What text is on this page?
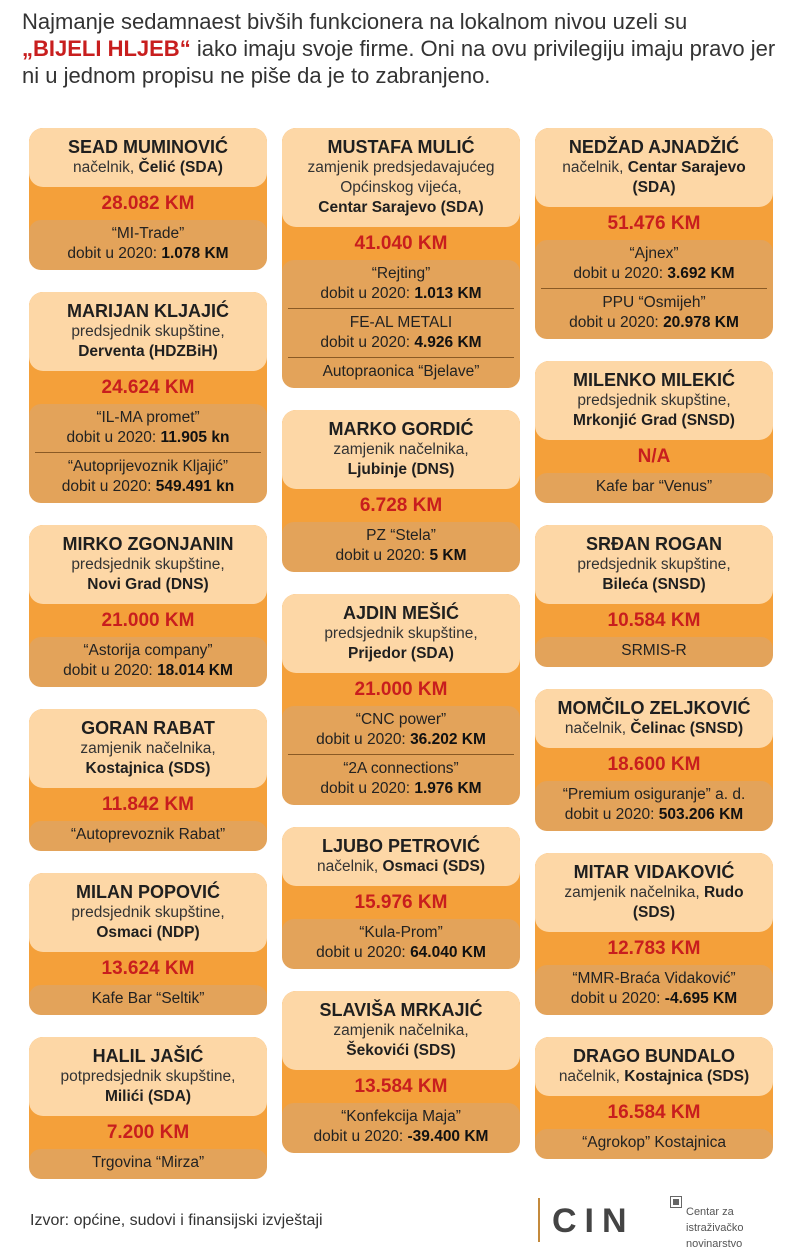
Najmanje sedamnaest bivših funkcionera na lokalnom nivou uzeli su
„BIJELI HLJEB“ iako imaju svoje firme. Oni na ovu privilegiju imaju pravo jer ni u jednom propisu ne piše da je to zabranjeno.
SEAD MUMINOVIĆ
načelnik, Čelić (SDA)
28.082 KM
“MI-Trade”
dobit u 2020: 1.078 KM
MARIJAN KLJAJIĆ
predsjednik skupštine,
Derventa (HDZBiH)
24.624 KM
“IL-MA promet”
dobit u 2020: 11.905 kn
“Autoprijevoznik Kljajić”
dobit u 2020: 549.491 kn
MIRKO ZGONJANIN
predsjednik skupštine,
Novi Grad (DNS)
21.000 KM
“Astorija company”
dobit u 2020: 18.014 KM
GORAN RABAT
zamjenik načelnika,
Kostajnica (SDS)
11.842 KM
“Autoprevoznik Rabat”
MILAN POPOVIĆ
predsjednik skupštine,
Osmaci (NDP)
13.624 KM
Kafe Bar “Seltik”
HALIL JAŠIĆ
potpredsjednik skupštine,
Milići (SDA)
7.200 KM
Trgovina “Mirza”
MUSTAFA MULIĆ
zamjenik predsjedavajućeg Općinskog vijeća,
Centar Sarajevo (SDA)
41.040 KM
“Rejting”
dobit u 2020: 1.013 KM
FE-AL METALI
dobit u 2020: 4.926 KM
Autopraonica “Bjelave”
MARKO GORDIĆ
zamjenik načelnika,
Ljubinje (DNS)
6.728 KM
PZ “Stela”
dobit u 2020: 5 KM
AJDIN MEŠIĆ
predsjednik skupštine,
Prijedor (SDA)
21.000 KM
“CNC power”
dobit u 2020: 36.202 KM
“2A connections”
dobit u 2020: 1.976 KM
LJUBO PETROVIĆ
načelnik, Osmaci (SDS)
15.976 KM
“Kula-Prom”
dobit u 2020: 64.040 KM
SLAVIŠA MRKAJIĆ
zamjenik načelnika,
Šekovići (SDS)
13.584 KM
“Konfekcija Maja”
dobit u 2020: -39.400 KM
NEDŽAD AJNADŽIĆ
načelnik, Centar Sarajevo
(SDA)
51.476 KM
“Ajnex”
dobit u 2020: 3.692 KM
PPU “Osmijeh”
dobit u 2020: 20.978 KM
MILENKO MILEKIĆ
predsjednik skupštine,
Mrkonjić Grad (SNSD)
N/A
Kafe bar “Venus”
SRĐAN ROGAN
predsjednik skupštine,
Bileća (SNSD)
10.584 KM
SRMIS-R
MOMČILO ZELJKOVIĆ
načelnik, Čelinac (SNSD)
18.600 KM
“Premium osiguranje” a. d.
dobit u 2020: 503.206 KM
MITAR VIDAKOVIĆ
zamjenik načelnika, Rudo
(SDS)
12.783 KM
“MMR-Braća Vidaković”
dobit u 2020: -4.695 KM
DRAGO BUNDALO
načelnik, Kostajnica (SDS)
16.584 KM
“Agrokop” Kostajnica
Izvor: općine, sudovi i finansijski izvještaji	CIN	Centar za
istraživačko novinarstvo
